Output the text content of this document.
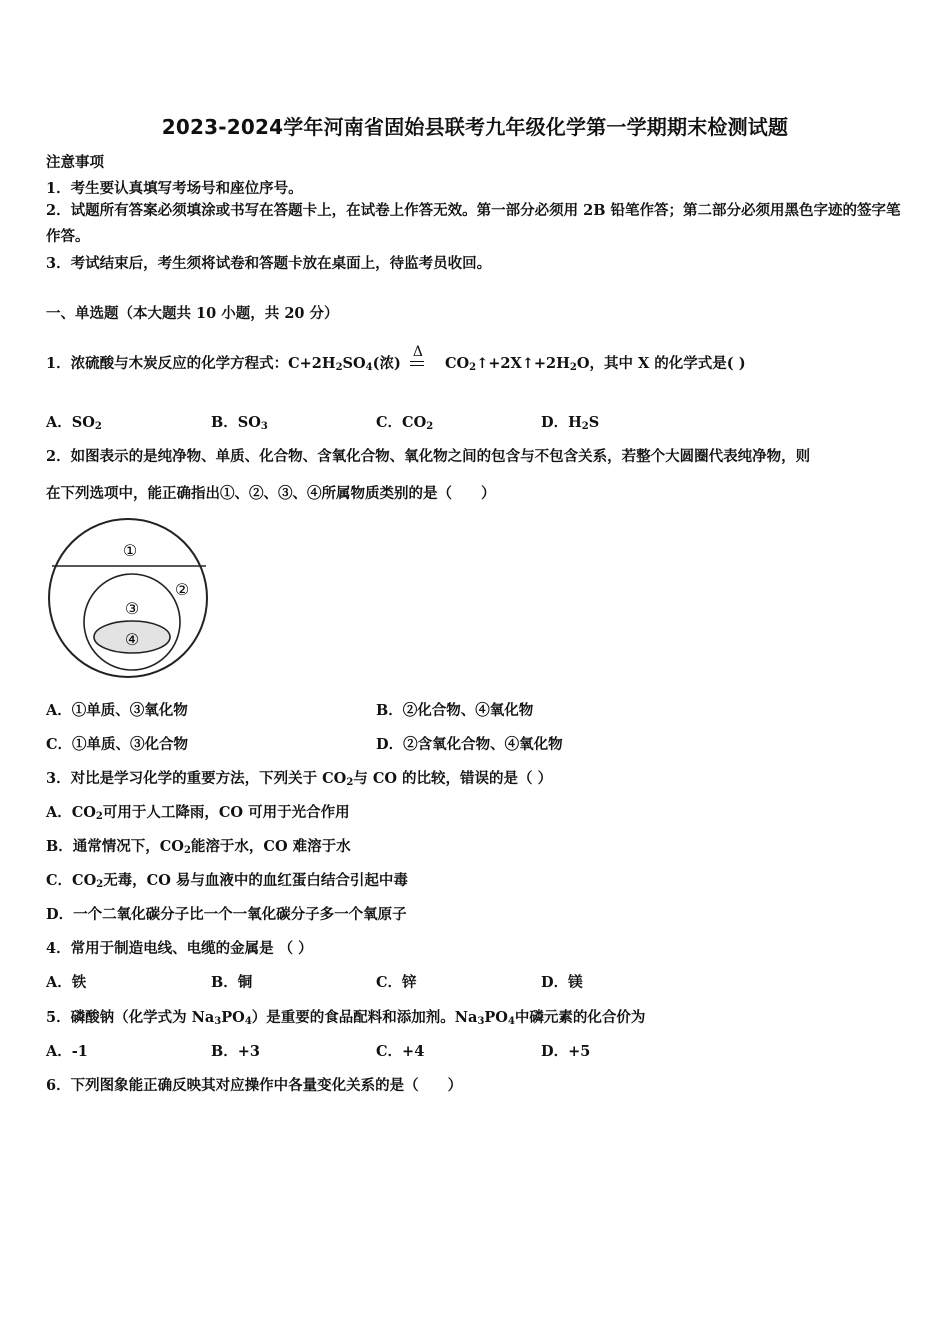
2023-2024学年河南省固始县联考九年级化学第一学期期末检测试题
注意事项
1．考生要认真填写考场号和座位序号。
2．试题所有答案必须填涂或书写在答题卡上，在试卷上作答无效。第一部分必须用 2B 铅笔作答；第二部分必须用黑色字迹的签字笔作答。
3．考试结束后，考生须将试卷和答题卡放在桌面上，待监考员收回。
一、单选题（本大题共 10 小题，共 20 分）
1．浓硫酸与木炭反应的化学方程式：$C+2H_2SO_4$(浓)
Δ
$CO_2↑+2X↑+2H_2O$，其中 X 的化学式是( )
A．$SO_2$	B．$SO_3$	C．$CO_2$	D．$H_2S$
2．如图表示的是纯净物、单质、化合物、含氧化合物、氧化物之间的包含与不包含关系，若整个大圆圈代表纯净物，则
在下列选项中，能正确指出①、②、③、④所属物质类别的是（　　）
①
②
③
④
A．①单质、③氧化物	B．②化合物、④氧化物
C．①单质、③化合物	D．②含氧化合物、④氧化物
3．对比是学习化学的重要方法，下列关于 $CO_2$与 CO 的比较，错误的是（ ）
A．$CO_2$可用于人工降雨，CO 可用于光合作用
B．通常情况下，$CO_2$能溶于水，CO 难溶于水
C．$CO_2$无毒，CO 易与血液中的血红蛋白结合引起中毒
D．一个二氧化碳分子比一个一氧化碳分子多一个氧原子
4．常用于制造电线、电缆的金属是 （ ）
A．铁	B．铜	C．锌	D．镁
5．磷酸钠（化学式为 $Na_3PO_4$）是重要的食品配料和添加剂。$Na_3PO_4$中磷元素的化合价为
A．-1	B．+3	C．+4	D．+5
6．下列图象能正确反映其对应操作中各量变化关系的是（　　）
